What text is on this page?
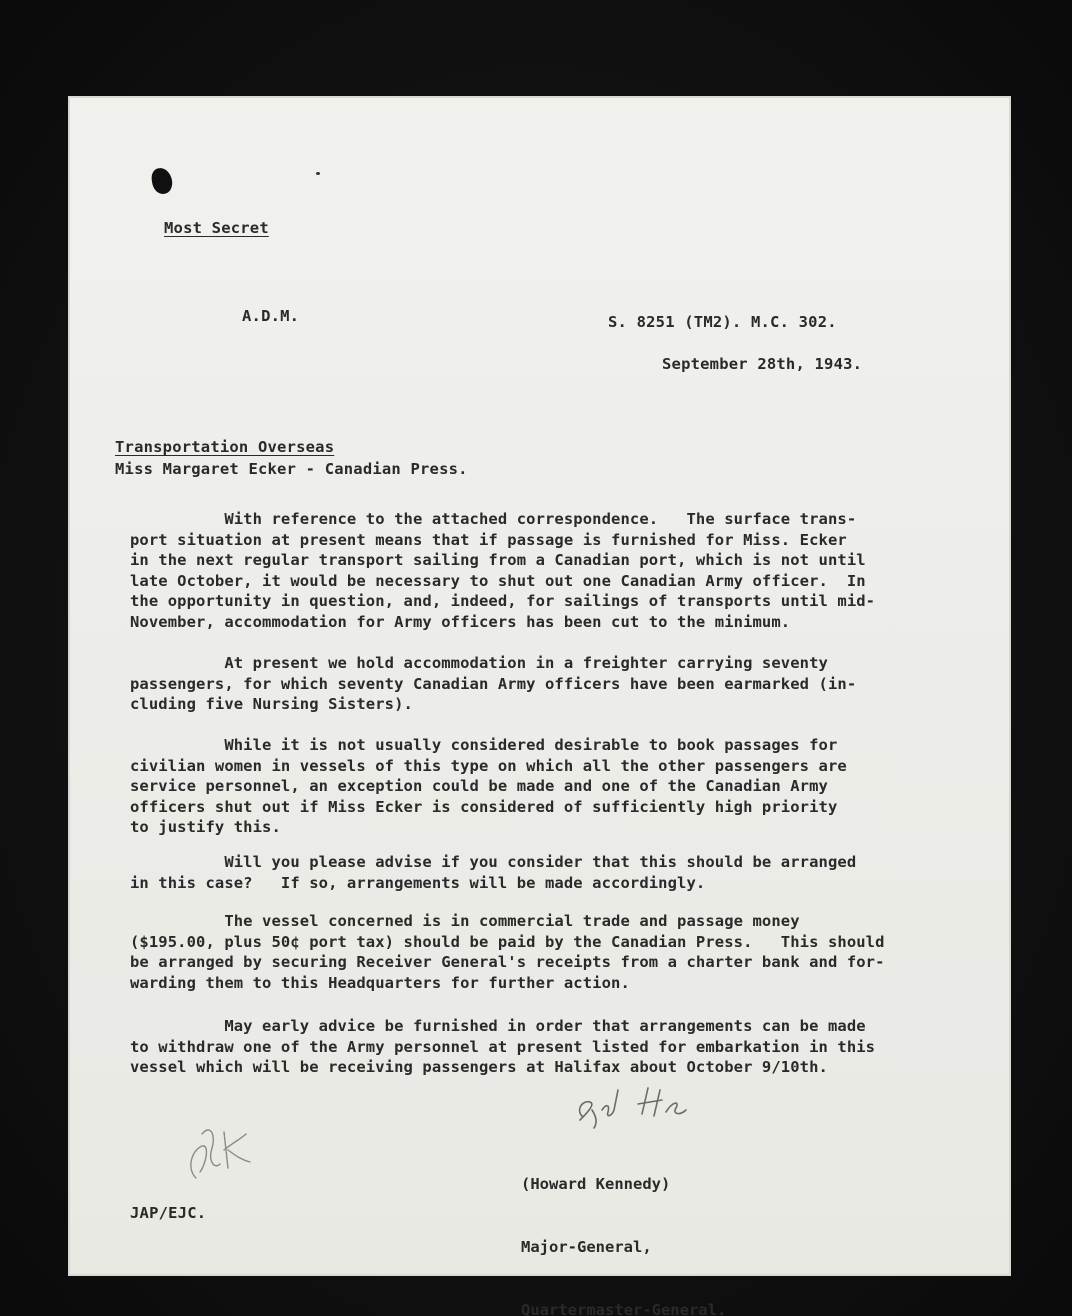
Most Secret
A.D.M.	S. 8251 (TM2). M.C. 302.
September 28th, 1943.
Transportation Overseas
Miss Margaret Ecker - Canadian Press.

With reference to the attached correspondence.   The surface trans-

port situation at present means that if passage is furnished for Miss. Ecker

in the next regular transport sailing from a Canadian port, which is not until

late October, it would be necessary to shut out one Canadian Army officer.  In

the opportunity in question, and, indeed, for sailings of transports until mid-

November, accommodation for Army officers has been cut to the minimum.

At present we hold accommodation in a freighter carrying seventy

passengers, for which seventy Canadian Army officers have been earmarked (in-

cluding five Nursing Sisters).

While it is not usually considered desirable to book passages for

civilian women in vessels of this type on which all the other passengers are

service personnel, an exception could be made and one of the Canadian Army

officers shut out if Miss Ecker is considered of sufficiently high priority

to justify this.

Will you please advise if you consider that this should be arranged

in this case?   If so, arrangements will be made accordingly.

The vessel concerned is in commercial trade and passage money

($195.00, plus 50¢ port tax) should be paid by the Canadian Press.   This should

be arranged by securing Receiver General's receipts from a charter bank and for-

warding them to this Headquarters for further action.

May early advice be furnished in order that arrangements can be made

to withdraw one of the Army personnel at present listed for embarkation in this

vessel which will be receiving passengers at Halifax about October 9/10th.

(Howard Kennedy)

Major-General,

Quartermaster-General.

JAP/EJC.
